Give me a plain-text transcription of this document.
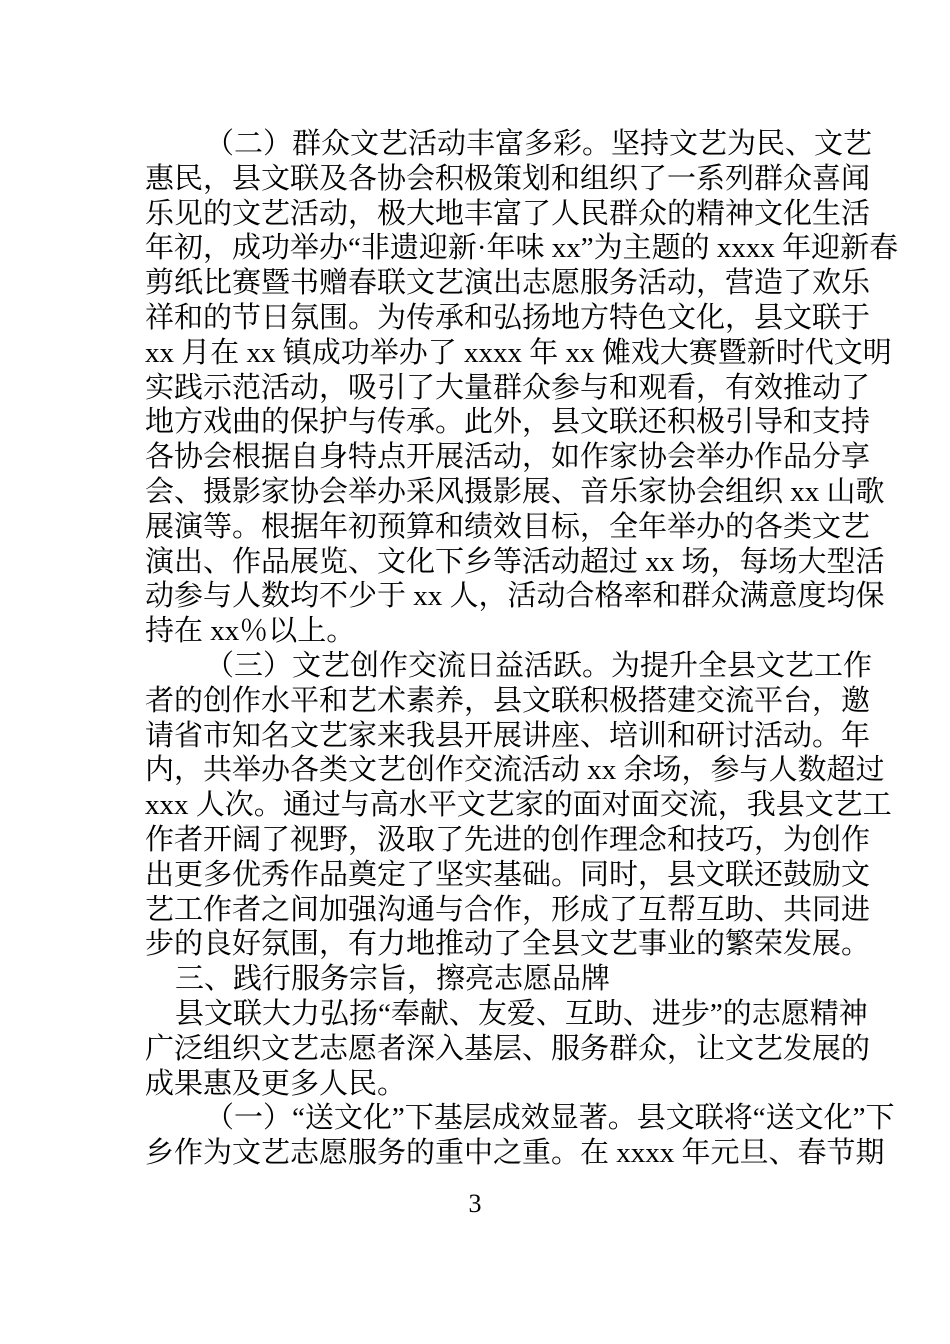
（二）群众文艺活动丰富多彩。坚持文艺为民、文艺
惠民，县文联及各协会积极策划和组织了一系列群众喜闻
乐见的文艺活动，极大地丰富了人民群众的精神文化生活
年初，成功举办“非遗迎新·年味 xx”为主题的 xxxx 年迎新春
剪纸比赛暨书赠春联文艺演出志愿服务活动，营造了欢乐
祥和的节日氛围。为传承和弘扬地方特色文化，县文联于
xx 月在 xx 镇成功举办了 xxxx 年 xx 傩戏大赛暨新时代文明
实践示范活动，吸引了大量群众参与和观看，有效推动了
地方戏曲的保护与传承。此外，县文联还积极引导和支持
各协会根据自身特点开展活动，如作家协会举办作品分享
会、摄影家协会举办采风摄影展、音乐家协会组织 xx 山歌
展演等。根据年初预算和绩效目标，全年举办的各类文艺
演出、作品展览、文化下乡等活动超过 xx 场，每场大型活
动参与人数均不少于 xx 人，活动合格率和群众满意度均保
持在 xx％以上。
（三）文艺创作交流日益活跃。为提升全县文艺工作
者的创作水平和艺术素养，县文联积极搭建交流平台，邀
请省市知名文艺家来我县开展讲座、培训和研讨活动。年
内，共举办各类文艺创作交流活动 xx 余场，参与人数超过
xxx 人次。通过与高水平文艺家的面对面交流，我县文艺工
作者开阔了视野，汲取了先进的创作理念和技巧，为创作
出更多优秀作品奠定了坚实基础。同时，县文联还鼓励文
艺工作者之间加强沟通与合作，形成了互帮互助、共同进
步的良好氛围，有力地推动了全县文艺事业的繁荣发展。
三、践行服务宗旨，擦亮志愿品牌
县文联大力弘扬“奉献、友爱、互助、进步”的志愿精神
广泛组织文艺志愿者深入基层、服务群众，让文艺发展的
成果惠及更多人民。
（一）“送文化”下基层成效显著。县文联将“送文化”下
乡作为文艺志愿服务的重中之重。在 xxxx 年元旦、春节期
3
